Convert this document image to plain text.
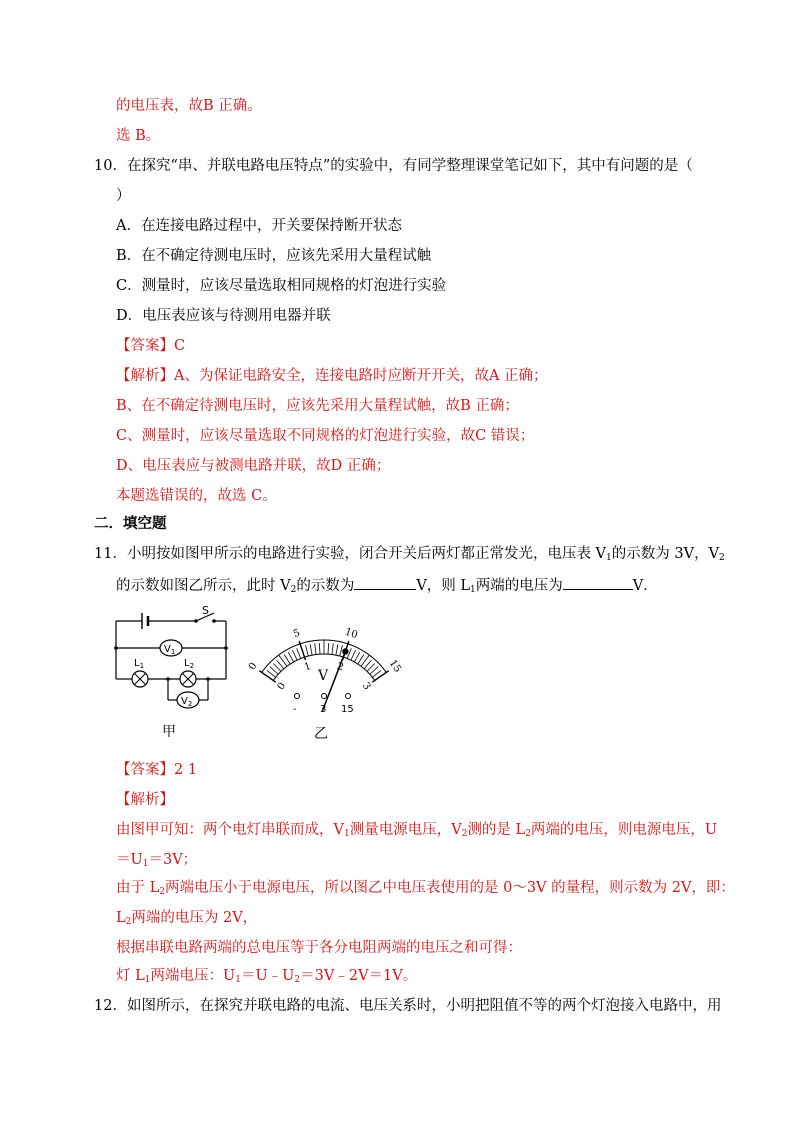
的电压表，故B 正确。
选 B。
10．在探究“串、并联电路电压特点”的实验中，有同学整理课堂笔记如下，其中有问题的是（
）
A．在连接电路过程中，开关要保持断开状态
B．在不确定待测电压时，应该先采用大量程试触
C．测量时，应该尽量选取相同规格的灯泡进行实验
D．电压表应该与待测用电器并联
【答案】C
【解析】A、为保证电路安全，连接电路时应断开开关，故A 正确；
B、在不确定待测电压时，应该先采用大量程试触，故B 正确；
C、测量时，应该尽量选取不同规格的灯泡进行实验，故C 错误；
D、电压表应与被测电路并联，故D 正确；
本题选错误的，故选 C。
二．填空题
11．小明按如图甲所示的电路进行实验，闭合开关后两灯都正常发光，电压表 $V_1$的示数为 3V，$V_2$
的示数如图乙所示，此时 $V_2$的示数为	V，则 $L_1$两端的电压为	V．
S
$V_1$
$L_1$	$L_2$
$V_2$
甲
0
0
5
1
10
2	15
3
V
- 3 15
乙
【答案】2 1
【解析】
由图甲可知：两个电灯串联而成，$V_1$测量电源电压，$V_2$测的是 $L_2$两端的电压，则电源电压，U
$=U_1=3V$；
由于 $L_2$两端电压小于电源电压，所以图乙中电压表使用的是 0～3V 的量程，则示数为 2V，即：
$L_2$两端的电压为 2V，
根据串联电路两端的总电压等于各分电阻两端的电压之和可得：
灯 $L_1$两端电压：$U_1=U﹣U_2=3V﹣2V=1V$。
12．如图所示，在探究并联电路的电流、电压关系时，小明把阻值不等的两个灯泡接入电路中，用
